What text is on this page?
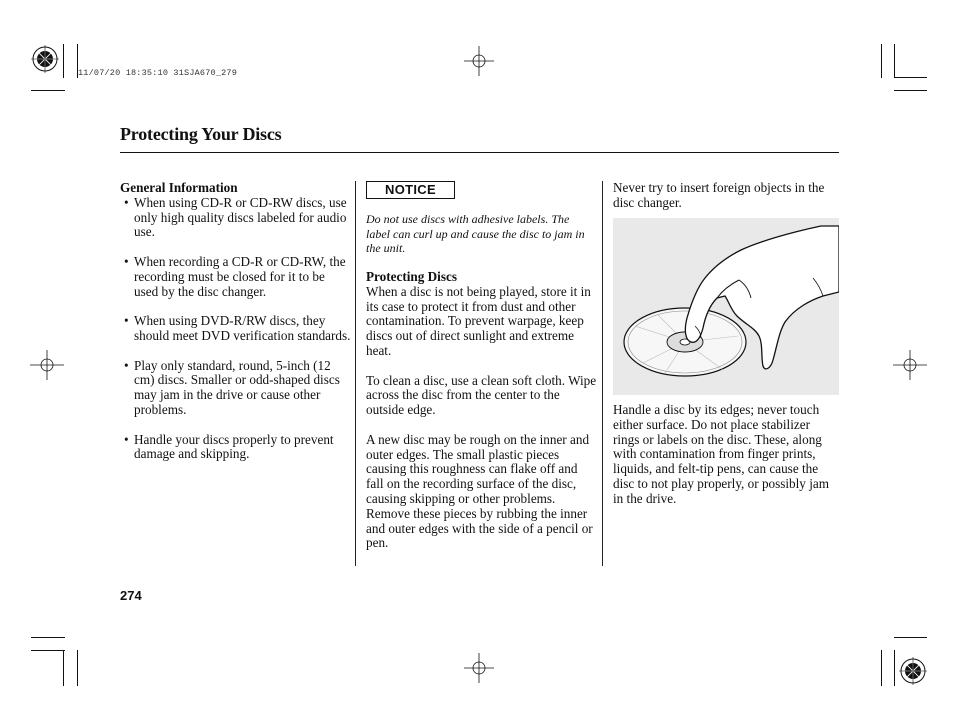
11/07/20 18:35:10 31SJA670_279
Protecting Your Discs
General Information
• When using CD-R or CD-RW discs, use only high quality discs labeled for audio use.
• When recording a CD-R or CD-RW, the recording must be closed for it to be used by the disc changer.
• When using DVD-R/RW discs, they should meet DVD verification standards.
• Play only standard, round, 5-inch (12 cm) discs. Smaller or odd-shaped discs may jam in the drive or cause other problems.
• Handle your discs properly to prevent damage and skipping.
NOTICE
Do not use discs with adhesive labels. The label can curl up and cause the disc to jam in the unit.
Protecting Discs

When a disc is not being played, store it in its case to protect it from dust and other contamination. To prevent warpage, keep discs out of direct sunlight and extreme heat.

To clean a disc, use a clean soft cloth. Wipe across the disc from the center to the outside edge.

A new disc may be rough on the inner and outer edges. The small plastic pieces causing this roughness can flake off and fall on the recording surface of the disc, causing skipping or other problems. Remove these pieces by rubbing the inner and outer edges with the side of a pencil or pen.

Never try to insert foreign objects in the disc changer.
Handle a disc by its edges; never touch either surface. Do not place stabilizer rings or labels on the disc. These, along with contamination from finger prints, liquids, and felt-tip pens, can cause the disc to not play properly, or possibly jam in the drive.
274
